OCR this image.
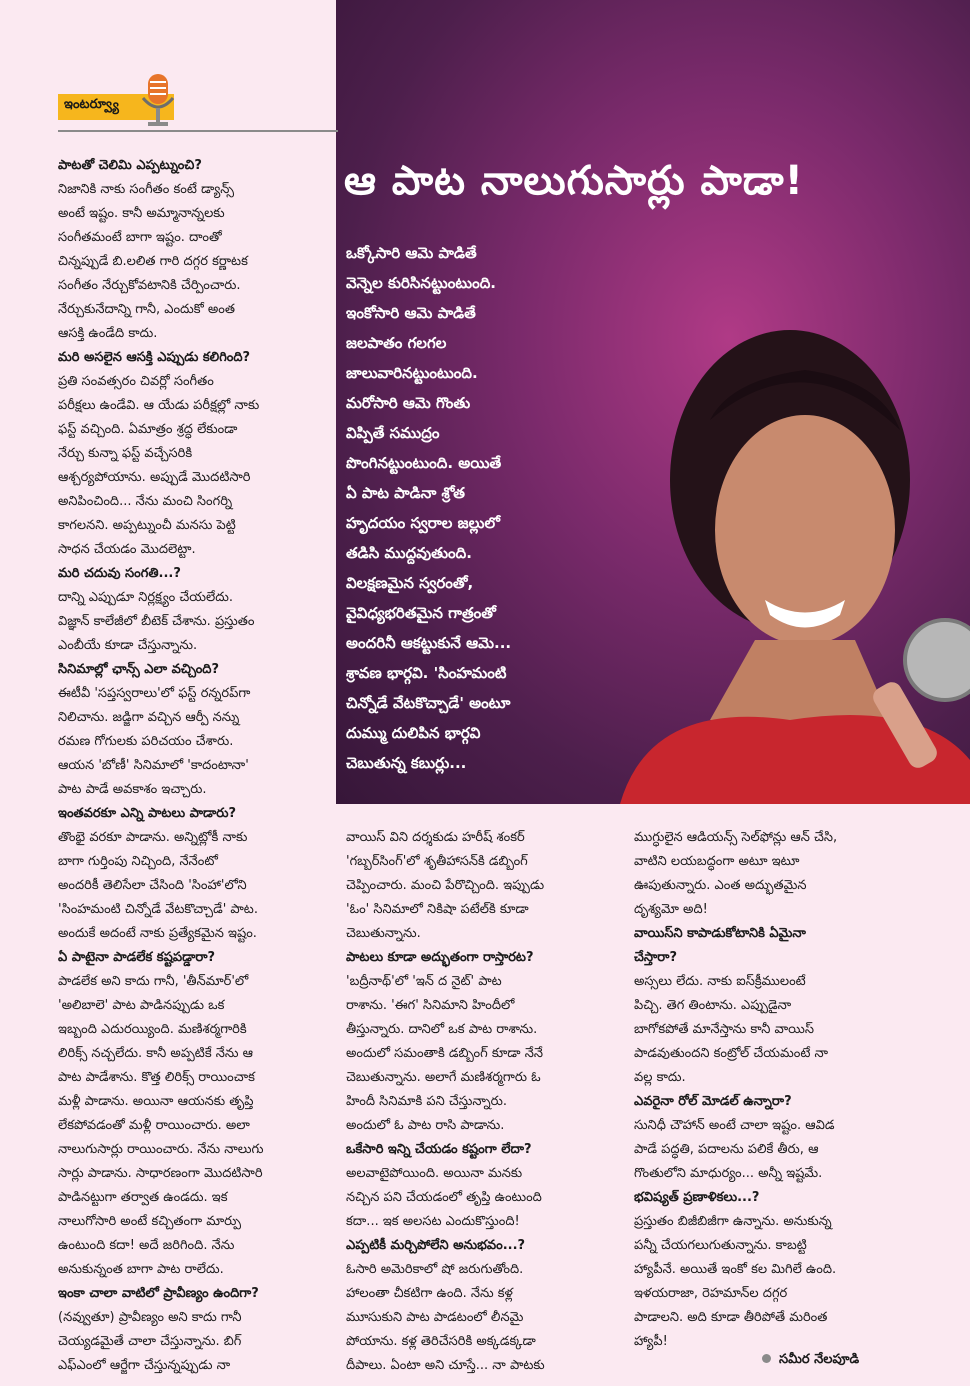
ఇంటర్వ్యూ
ఆ పాట నాలుగుసార్లు పాడా!
ఒక్కోసారి ఆమె పాడితే
వెన్నెల కురిసినట్టుంటుంది.
ఇంకోసారి ఆమె పాడితే
జలపాతం గలగల
జాలువారినట్టుంటుంది.
మరోసారి ఆమె గొంతు
విప్పితే సముద్రం
పొంగినట్టుంటుంది. అయితే
ఏ పాట పాడినా శ్రోత
హృదయం స్వరాల జల్లులో
తడిసి ముద్దవుతుంది.
విలక్షణమైన స్వరంతో,
వైవిధ్యభరితమైన గాత్రంతో
అందరినీ ఆకట్టుకునే ఆమె...
శ్రావణ భార్గవి. 'సింహమంటి
చిన్నోడే వేటకొచ్చాడే' అంటూ
దుమ్ము దులిపిన భార్గవి
చెబుతున్న కబుర్లు...
పాటతో చెలిమి ఎప్పట్నుంచి?
నిజానికి నాకు సంగీతం కంటే డ్యాన్స్
అంటే ఇష్టం. కానీ అమ్మానాన్నలకు
సంగీతమంటే బాగా ఇష్టం. దాంతో
చిన్నప్పుడే బి.లలిత గారి దగ్గర కర్ణాటక
సంగీతం నేర్చుకోవటానికి చేర్పించారు.
నేర్చుకునేదాన్ని గానీ, ఎందుకో అంత
ఆసక్తి ఉండేది కాదు.
మరి అసలైన ఆసక్తి ఎప్పుడు కలిగింది?
ప్రతి సంవత్సరం చివర్లో సంగీతం
పరీక్షలు ఉండేవి. ఆ యేడు పరీక్షల్లో నాకు
ఫస్ట్ వచ్చింది. ఏమాత్రం శ్రద్ధ లేకుండా
నేర్చు కున్నా ఫస్ట్ వచ్చేసరికి
ఆశ్చర్యపోయాను. అప్పుడే మొదటిసారి
అనిపించింది... నేను మంచి సింగర్ని
కాగలనని. అప్పట్నుంచీ మనసు పెట్టి
సాధన చేయడం మొదలెట్టా.
మరి చదువు సంగతి...?
దాన్ని ఎప్పుడూ నిర్లక్ష్యం చేయలేదు.
విజ్ఞాన్ కాలేజీలో బీటెక్ చేశాను. ప్రస్తుతం
ఎంబీయే కూడా చేస్తున్నాను.
సినిమాల్లో ఛాన్స్ ఎలా వచ్చింది?
ఈటీవీ 'సప్తస్వరాలు'లో ఫస్ట్ రన్నరప్‌గా
నిలిచాను. జడ్జిగా వచ్చిన ఆర్పీ నన్ను
రమణ గోగులకు పరిచయం చేశారు.
ఆయన 'బోణీ' సినిమాలో 'కాదంటానా'
పాట పాడే అవకాశం ఇచ్చారు.
ఇంతవరకూ ఎన్ని పాటలు పాడారు?
తొంభై వరకూ పాడాను. అన్నిట్లోకీ నాకు
బాగా గుర్తింపు నిచ్చింది, నేనేంటో
అందరికీ తెలిసేలా చేసింది 'సింహా'లోని
'సింహమంటి చిన్నోడే వేటకొచ్చాడే' పాట.
అందుకే అదంటే నాకు ప్రత్యేకమైన ఇష్టం.
ఏ పాటైనా పాడలేక కష్టపడ్డారా?
పాడలేక అని కాదు గానీ, 'తీన్‌మార్'లో
'అలిబాలె' పాట పాడినప్పుడు ఒక
ఇబ్బంది ఎదురయ్యింది. మణిశర్మగారికి
లిరిక్స్ నచ్చలేదు. కానీ అప్పటికే నేను ఆ
పాట పాడేశాను. కొత్త లిరిక్స్ రాయించాక
మళ్లీ పాడాను. అయినా ఆయనకు తృప్తి
లేకపోవడంతో మళ్లీ రాయించారు. అలా
నాలుగుసార్లు రాయించారు. నేను నాలుగు
సార్లు పాడాను. సాధారణంగా మొదటిసారి
పాడినట్టుగా తర్వాత ఉండదు. ఇక
నాలుగోసారి అంటే కచ్చితంగా మార్పు
ఉంటుంది కదా! అదే జరిగింది. నేను
అనుకున్నంత బాగా పాట రాలేదు.
ఇంకా చాలా వాటిలో ప్రావీణ్యం ఉందిగా?
(నవ్వుతూ) ప్రావీణ్యం అని కాదు గానీ
చెయ్యడమైతే చాలా చేస్తున్నాను. బిగ్
ఎఫ్ఎంలో ఆర్జేగా చేస్తున్నప్పుడు నా
వాయిస్ విని దర్శకుడు హరీష్ శంకర్
'గబ్బర్‌సింగ్'లో శృతీహాసన్‌కి డబ్బింగ్
చెప్పించారు. మంచి పేరొచ్చింది. ఇప్పుడు
'ఓం' సినిమాలో నికిషా పటేల్‌కి కూడా
చెబుతున్నాను.
పాటలు కూడా అద్భుతంగా రాస్తారట?
'బద్రీనాథ్'లో 'ఇన్ ద నైట్' పాట
రాశాను. 'ఈగ' సినిమాని హిందీలో
తీస్తున్నారు. దానిలో ఒక పాట రాశాను.
అందులో సమంతాకి డబ్బింగ్ కూడా నేనే
చెబుతున్నాను. అలాగే మణిశర్మగారు ఓ
హిందీ సినిమాకి పని చేస్తున్నారు.
అందులో ఓ పాట రాసి పాడాను.
ఒకేసారి ఇన్ని చేయడం కష్టంగా లేదా?
అలవాటైపోయింది. అయినా మనకు
నచ్చిన పని చేయడంలో తృప్తి ఉంటుంది
కదా... ఇక అలసట ఎందుకొస్తుంది!
ఎప్పటికీ మర్చిపోలేని అనుభవం...?
ఓసారి అమెరికాలో షో జరుగుతోంది.
హాలంతా చీకటిగా ఉంది. నేను కళ్ల
మూసుకుని పాట పాడటంలో లీనమై
పోయాను. కళ్ల తెరిచేసరికి అక్కడక్కడా
దీపాలు. ఏంటా అని చూస్తే... నా పాటకు
ముగ్ధులైన ఆడియన్స్ సెల్‌ఫోన్లు ఆన్ చేసి,
వాటిని లయబద్ధంగా అటూ ఇటూ
ఊపుతున్నారు. ఎంత అద్భుతమైన
దృశ్యమో అది!
వాయిస్‌ని కాపాడుకోటానికి ఏమైనా
చేస్తారా?
అస్సలు లేదు. నాకు ఐస్‌క్రీములంటే
పిచ్చి. తెగ తింటాను. ఎప్పుడైనా
బాగోకపోతే మానేస్తాను కానీ వాయిస్
పాడవుతుందని కంట్రోల్ చేయమంటే నా
వల్ల కాదు.
ఎవరైనా రోల్ మోడల్ ఉన్నారా?
సునిధీ చౌహాన్ అంటే చాలా ఇష్టం. ఆవిడ
పాడే పద్ధతి, పదాలను పలికే తీరు, ఆ
గొంతులోని మాధుర్యం... అన్నీ ఇష్టమే.
భవిష్యత్ ప్రణాళికలు...?
ప్రస్తుతం బిజీబిజీగా ఉన్నాను. అనుకున్న
పన్నీ చేయగలుగుతున్నాను. కాబట్టి
హ్యాపీనే. అయితే ఇంకో కల మిగిలే ఉంది.
ఇళయరాజా, రెహమాన్‌ల దగ్గర
పాడాలని. అది కూడా తీరిపోతే మరింత
హ్యాపీ!
సమీర నేలపూడి
